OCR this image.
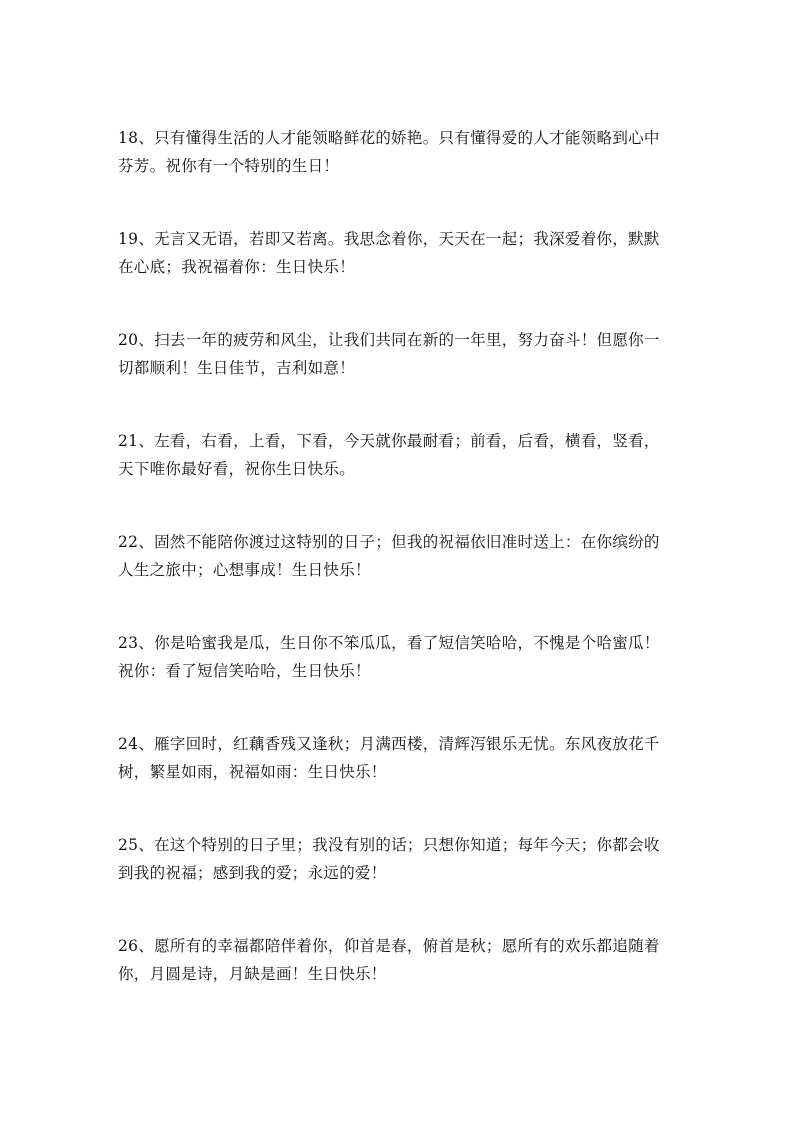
18、只有懂得生活的人才能领略鲜花的娇艳。只有懂得爱的人才能领略到心中芬芳。祝你有一个特别的生日！

19、无言又无语，若即又若离。我思念着你，天天在一起；我深爱着你，默默在心底；我祝福着你：生日快乐！

20、扫去一年的疲劳和风尘，让我们共同在新的一年里，努力奋斗！但愿你一切都顺利！生日佳节，吉利如意！

21、左看，右看，上看，下看，今天就你最耐看；前看，后看，横看，竖看，天下唯你最好看，祝你生日快乐。

22、固然不能陪你渡过这特别的日子；但我的祝福依旧准时送上：在你缤纷的人生之旅中；心想事成！生日快乐！

23、你是哈蜜我是瓜，生日你不笨瓜瓜，看了短信笑哈哈，不愧是个哈蜜瓜！祝你：看了短信笑哈哈，生日快乐！

24、雁字回时，红藕香残又逢秋；月满西楼，清辉泻银乐无忧。东风夜放花千树，繁星如雨，祝福如雨：生日快乐！

25、在这个特别的日子里；我没有别的话；只想你知道；每年今天；你都会收到我的祝福；感到我的爱；永远的爱！

26、愿所有的幸福都陪伴着你，仰首是春，俯首是秋；愿所有的欢乐都追随着你，月圆是诗，月缺是画！生日快乐！
